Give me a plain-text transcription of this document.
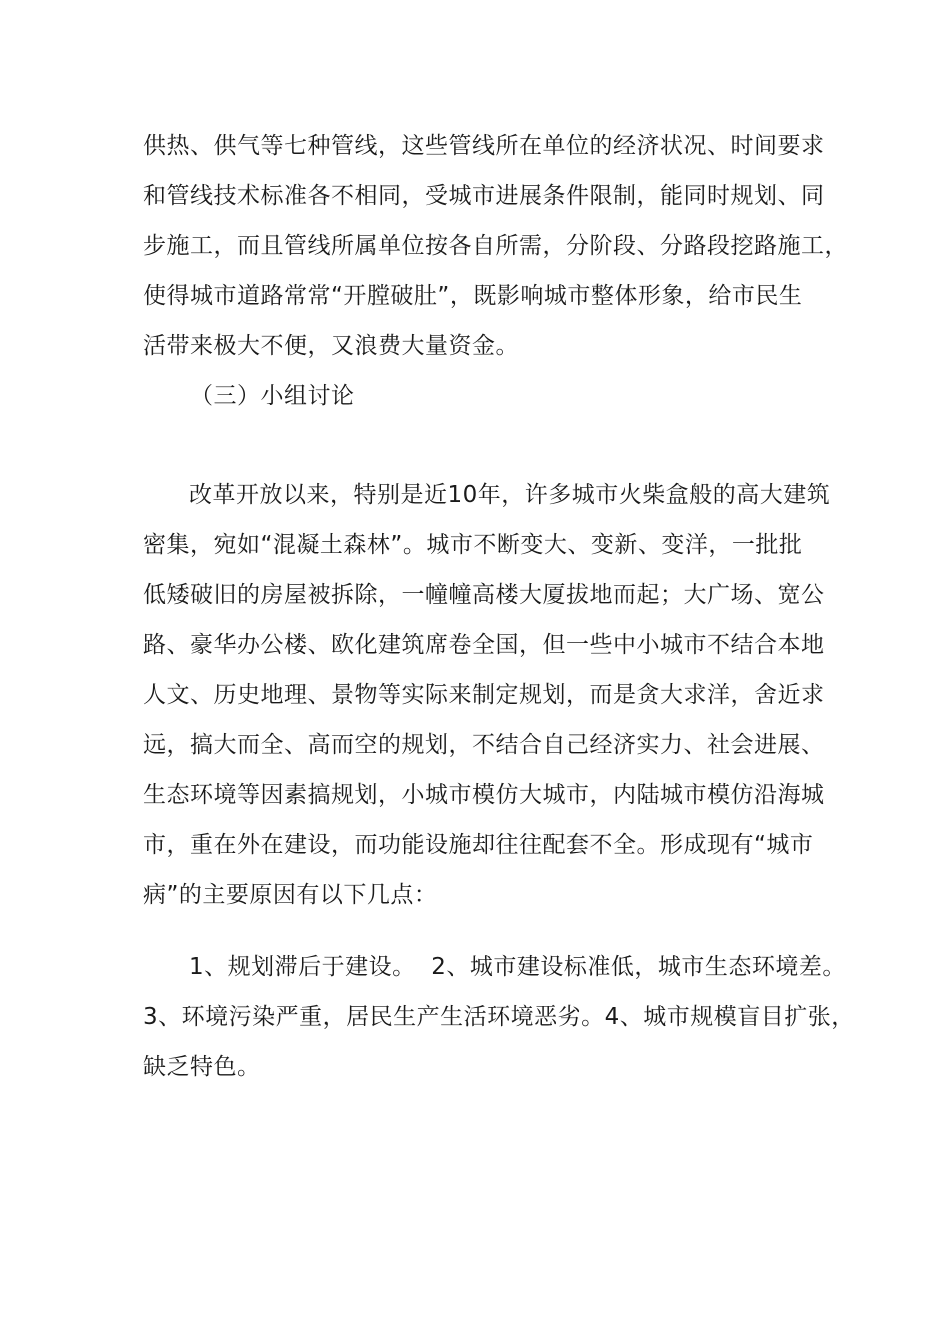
供热、供气等七种管线，这些管线所在单位的经济状况、时间要求
和管线技术标准各不相同，受城市进展条件限制，能同时规划、同
步施工，而且管线所属单位按各自所需，分阶段、分路段挖路施工，
使得城市道路常常“开膛破肚”，既影响城市整体形象，给市民生
活带来极大不便，又浪费大量资金。
（三）小组讨论
改革开放以来，特别是近10年，许多城市火柴盒般的高大建筑
密集，宛如“混凝土森林”。城市不断变大、变新、变洋，一批批
低矮破旧的房屋被拆除，一幢幢高楼大厦拔地而起；大广场、宽公
路、豪华办公楼、欧化建筑席卷全国，但一些中小城市不结合本地
人文、历史地理、景物等实际来制定规划，而是贪大求洋，舍近求
远，搞大而全、高而空的规划，不结合自己经济实力、社会进展、
生态环境等因素搞规划，小城市模仿大城市，内陆城市模仿沿海城
市，重在外在建设，而功能设施却往往配套不全。形成现有“城市
病”的主要原因有以下几点：
1、规划滞后于建设。  2、城市建设标准低，城市生态环境差。
3、环境污染严重，居民生产生活环境恶劣。4、城市规模盲目扩张，
缺乏特色。
